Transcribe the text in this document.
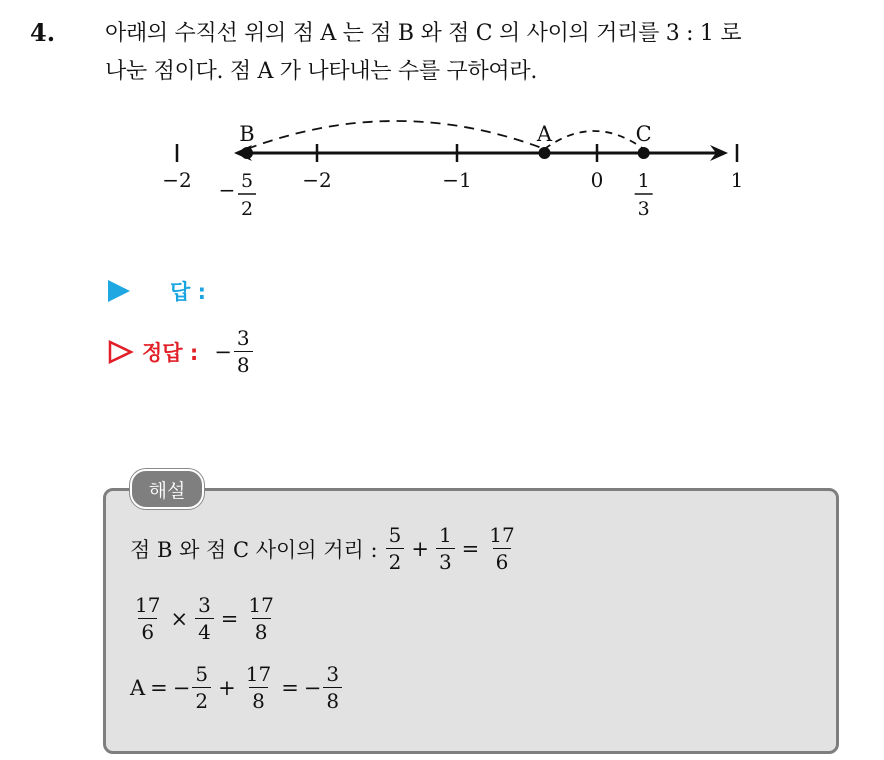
4. 아래의 수직선 위의 점 A 는 점 B 와 점 C 의 사이의 거리를 3 : 1 로
나눈 점이다. 점 A 가 나타내는 수를 구하여라.
−2	−2	−1	0	1
B	A	C
− 5
2
1
3
답 :
정답 : − $\frac{3}{8}$
해설
점 B 와 점 C 사이의 거리 : $\frac{5}{2} + \frac{1}{3} = \frac{17}{6}$
$\frac{17}{6} \times \frac{3}{4} = \frac{17}{8}$
A = − $\frac{5}{2} + \frac{17}{8}$ = − $\frac{3}{8}$
